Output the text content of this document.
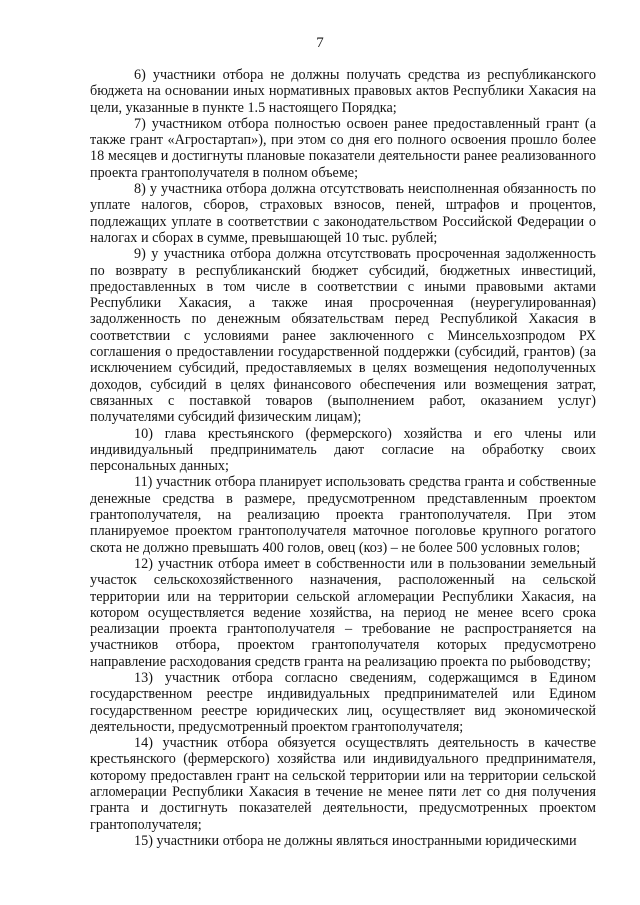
7

6) участники отбора не должны получать средства из республиканского бюджета на основании иных нормативных правовых актов Республики Хакасия на цели, указанные в пункте 1.5 настоящего Порядка;

7) участником отбора полностью освоен ранее предоставленный грант (а также грант «Агростартап»), при этом со дня его полного освоения прошло более 18 месяцев и достигнуты плановые показатели деятельности ранее реализованного проекта грантополучателя в полном объеме;

8) у участника отбора должна отсутствовать неисполненная обязанность по уплате налогов, сборов, страховых взносов, пеней, штрафов и процентов, подлежащих уплате в соответствии с законодательством Российской Федерации о налогах и сборах в сумме, превышающей 10 тыс. рублей;

9) у участника отбора должна отсутствовать просроченная задолженность по возврату в республиканский бюджет субсидий, бюджетных инвестиций, предоставленных в том числе в соответствии с иными правовыми актами Республики Хакасия, а также иная просроченная (неурегулированная) задолженность по денежным обязательствам перед Республикой Хакасия в соответствии с условиями ранее заключенного с Минсельхозпродом РХ соглашения о предоставлении государственной поддержки (субсидий, грантов) (за исключением субсидий, предоставляемых в целях возмещения недополученных доходов, субсидий в целях финансового обеспечения или возмещения затрат, связанных с поставкой товаров (выполнением работ, оказанием услуг) получателями субсидий физическим лицам);

10) глава крестьянского (фермерского) хозяйства и его члены или индивидуальный предприниматель дают согласие на обработку своих персональных данных;

11) участник отбора планирует использовать средства гранта и собственные денежные средства в размере, предусмотренном представленным проектом грантополучателя, на реализацию проекта грантополучателя. При этом планируемое проектом грантополучателя маточное поголовье крупного рогатого скота не должно превышать 400 голов, овец (коз) – не более 500 условных голов;

12) участник отбора имеет в собственности или в пользовании земельный участок сельскохозяйственного назначения, расположенный на сельской территории или на территории сельской агломерации Республики Хакасия, на котором осуществляется ведение хозяйства, на период не менее всего срока реализации проекта грантополучателя – требование не распространяется на участников отбора, проектом грантополучателя которых предусмотрено направление расходования средств гранта на реализацию проекта по рыбоводству;

13) участник отбора согласно сведениям, содержащимся в Едином государственном реестре индивидуальных предпринимателей или Едином государственном реестре юридических лиц, осуществляет вид экономической деятельности, предусмотренный проектом грантополучателя;

14) участник отбора обязуется осуществлять деятельность в качестве крестьянского (фермерского) хозяйства или индивидуального предпринимателя, которому предоставлен грант на сельской территории или на территории сельской агломерации Республики Хакасия в течение не менее пяти лет со дня получения гранта и достигнуть показателей деятельности, предусмотренных проектом грантополучателя;

15) участники отбора не должны являться иностранными юридическими
